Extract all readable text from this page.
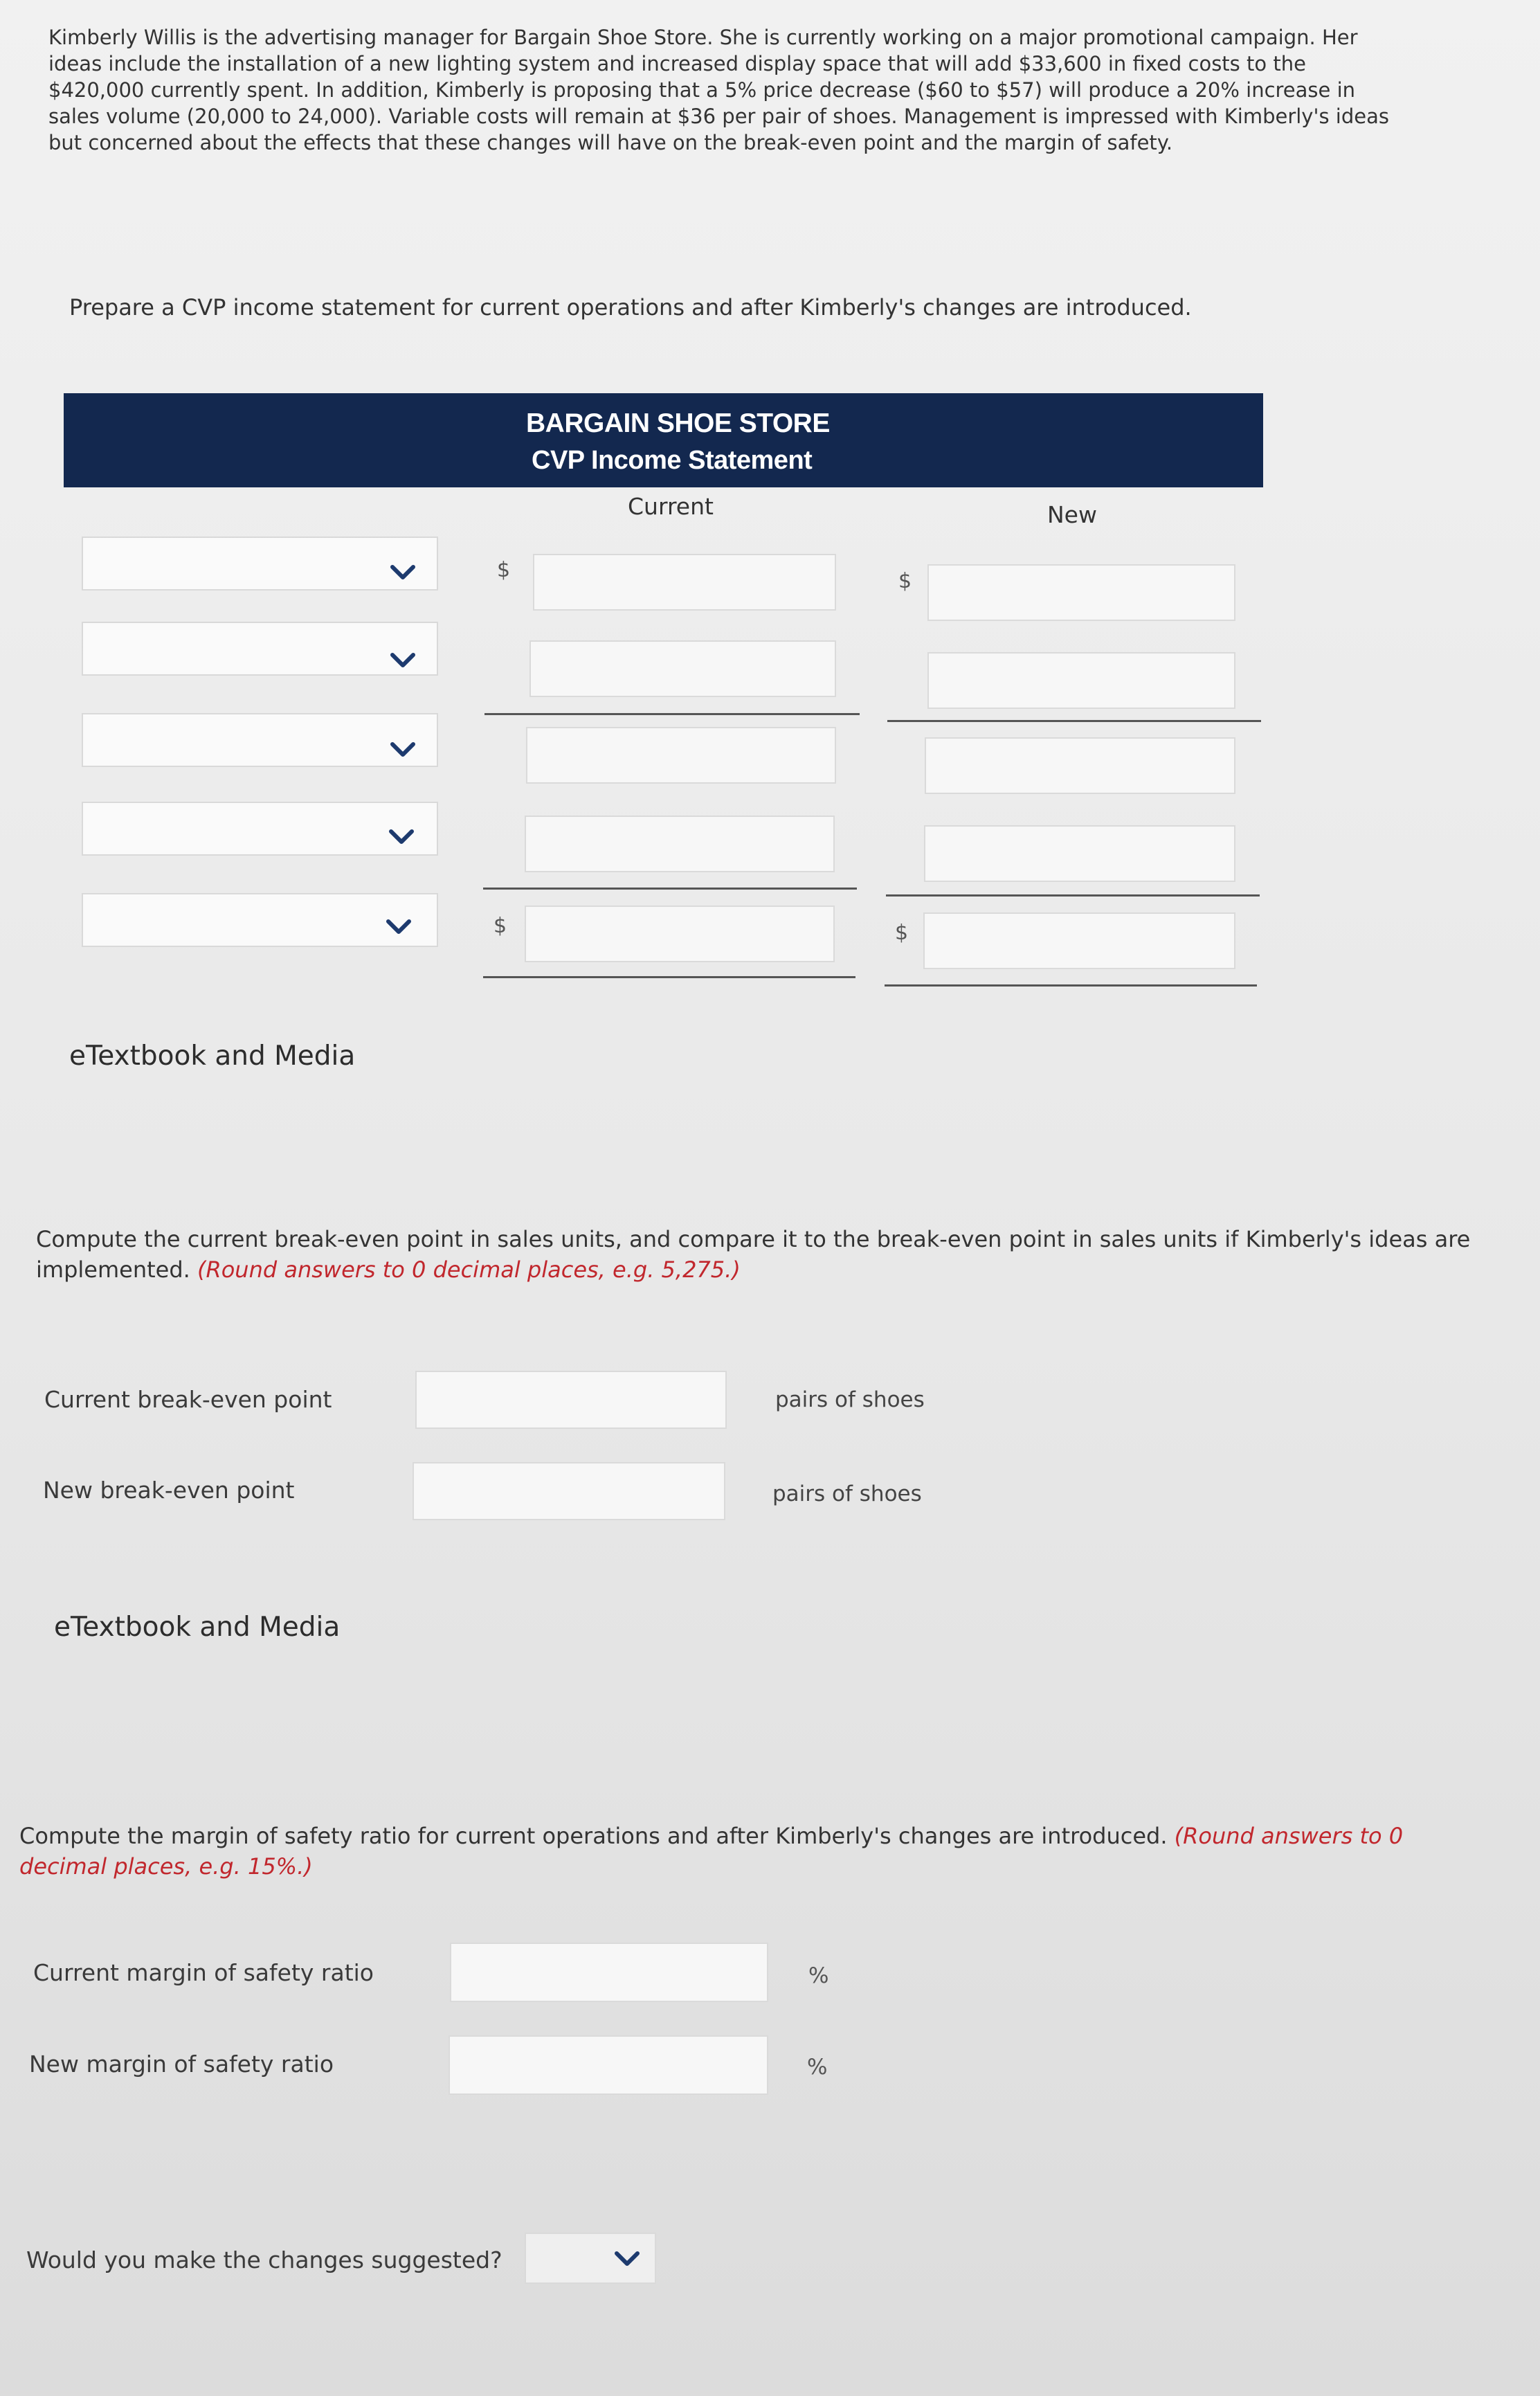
Kimberly Willis is the advertising manager for Bargain Shoe Store. She is currently working on a major promotional campaign. Her

ideas include the installation of a new lighting system and increased display space that will add $33,600 in fixed costs to the

$420,000 currently spent. In addition, Kimberly is proposing that a 5% price decrease ($60 to $57) will produce a 20% increase in

sales volume (20,000 to 24,000). Variable costs will remain at $36 per pair of shoes. Management is impressed with Kimberly's ideas

but concerned about the effects that these changes will have on the break-even point and the margin of safety.

Prepare a CVP income statement for current operations and after Kimberly's changes are introduced.
BARGAIN SHOE STORE
CVP Income Statement
Current	New
$	$
$	$
eTextbook and Media
Compute the current break-even point in sales units, and compare it to the break-even point in sales units if Kimberly's ideas are
implemented. (Round answers to 0 decimal places, e.g. 5,275.)
Current break-even point	pairs of shoes
New break-even point	pairs of shoes
eTextbook and Media
Compute the margin of safety ratio for current operations and after Kimberly's changes are introduced. (Round answers to 0
decimal places, e.g. 15%.)
Current margin of safety ratio	%
New margin of safety ratio	%
Would you make the changes suggested?
